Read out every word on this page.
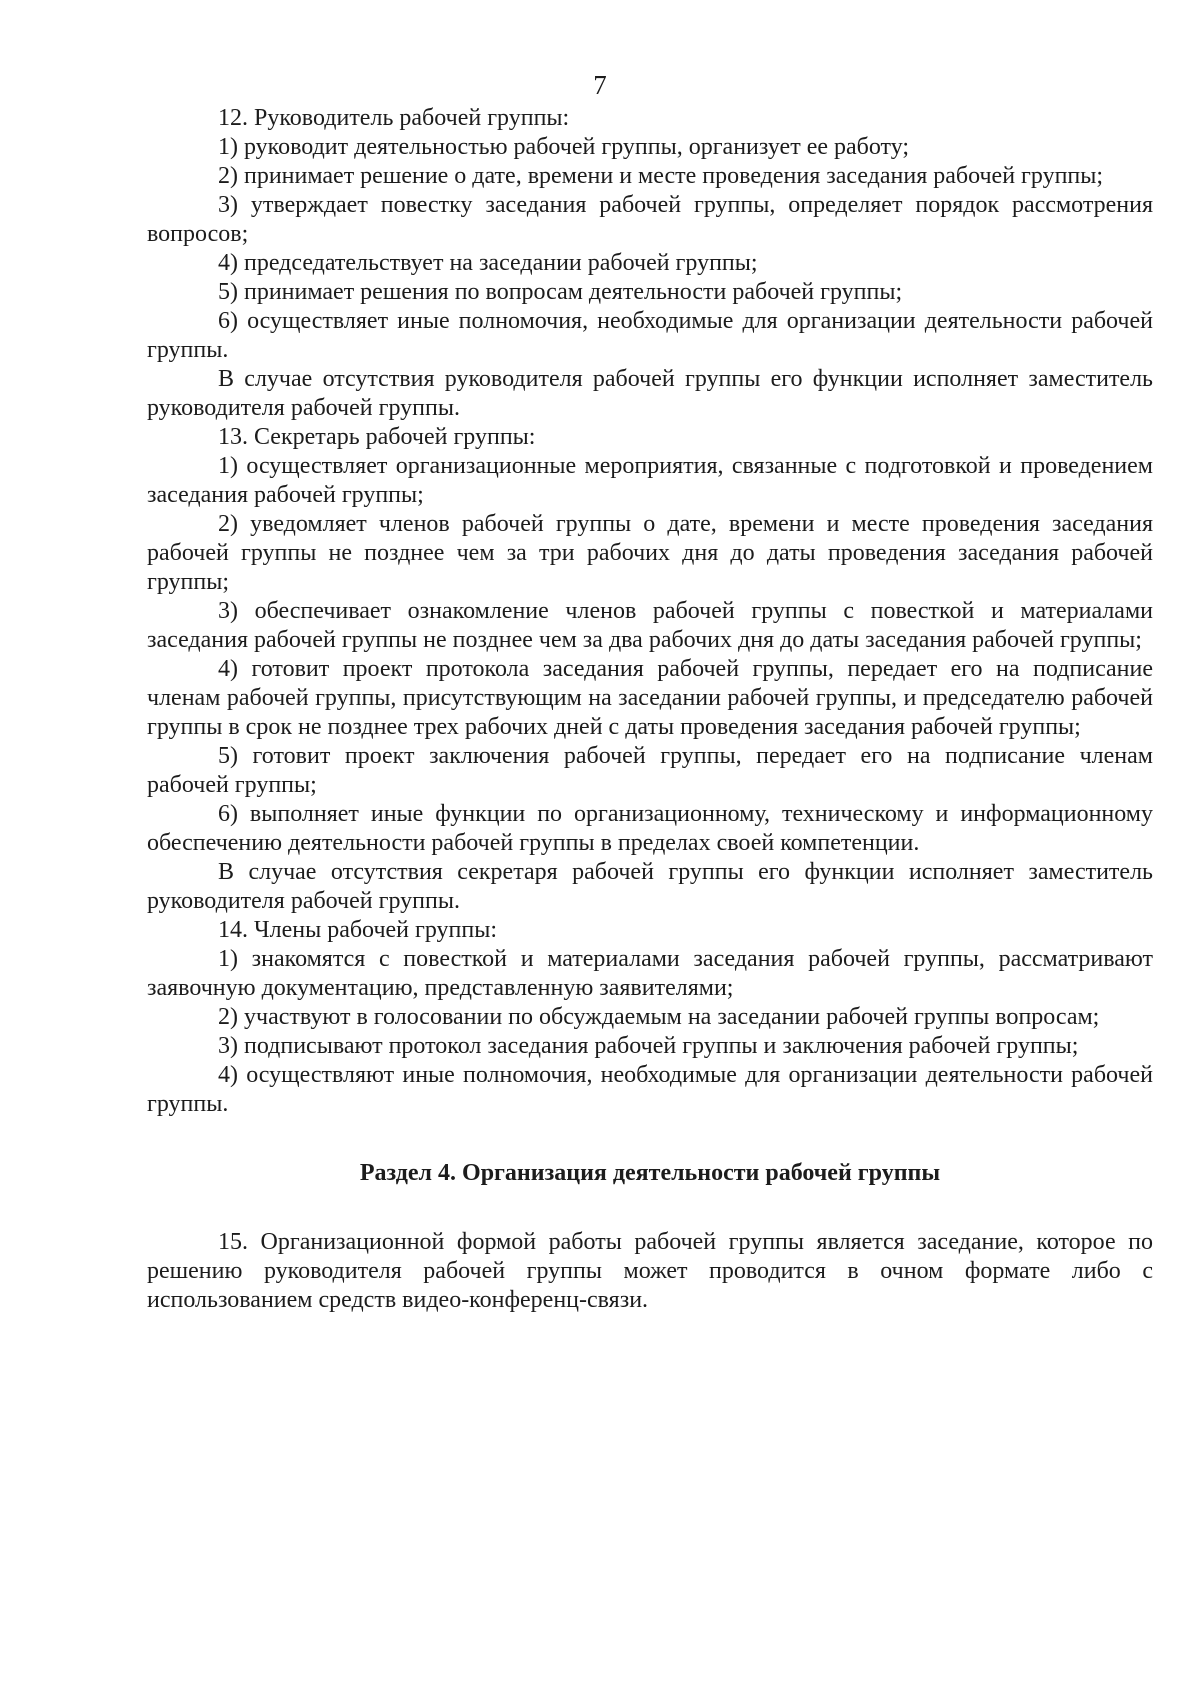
7

12. Руководитель рабочей группы:

1) руководит деятельностью рабочей группы, организует ее работу;

2) принимает решение о дате, времени и месте проведения заседания рабочей группы;

3) утверждает повестку заседания рабочей группы, определяет порядок рассмотрения вопросов;

4) председательствует на заседании рабочей группы;

5) принимает решения по вопросам деятельности рабочей группы;

6) осуществляет иные полномочия, необходимые для организации деятельности рабочей группы.

В случае отсутствия руководителя рабочей группы его функции исполняет заместитель руководителя рабочей группы.

13. Секретарь рабочей группы:

1) осуществляет организационные мероприятия, связанные с подготовкой и проведением заседания рабочей группы;

2) уведомляет членов рабочей группы о дате, времени и месте проведения заседания рабочей группы не позднее чем за три рабочих дня до даты проведения заседания рабочей группы;

3) обеспечивает ознакомление членов рабочей группы с повесткой и материалами заседания рабочей группы не позднее чем за два рабочих дня до даты заседания рабочей группы;

4) готовит проект протокола заседания рабочей группы, передает его на подписание членам рабочей группы, присутствующим на заседании рабочей группы, и председателю рабочей группы в срок не позднее трех рабочих дней с даты проведения заседания рабочей группы;

5) готовит проект заключения рабочей группы, передает его на подписание членам рабочей группы;

6) выполняет иные функции по организационному, техническому и информационному обеспечению деятельности рабочей группы в пределах своей компетенции.

В случае отсутствия секретаря рабочей группы его функции исполняет заместитель руководителя рабочей группы.

14. Члены рабочей группы:

1) знакомятся с повесткой и материалами заседания рабочей группы, рассматривают заявочную документацию, представленную заявителями;

2) участвуют в голосовании по обсуждаемым на заседании рабочей группы вопросам;

3) подписывают протокол заседания рабочей группы и заключения рабочей группы;

4) осуществляют иные полномочия, необходимые для организации деятельности рабочей группы.

Раздел 4. Организация деятельности рабочей группы

15. Организационной формой работы рабочей группы является заседание, которое по решению руководителя рабочей группы может проводится в очном формате либо с использованием средств видео-конференц-связи.
